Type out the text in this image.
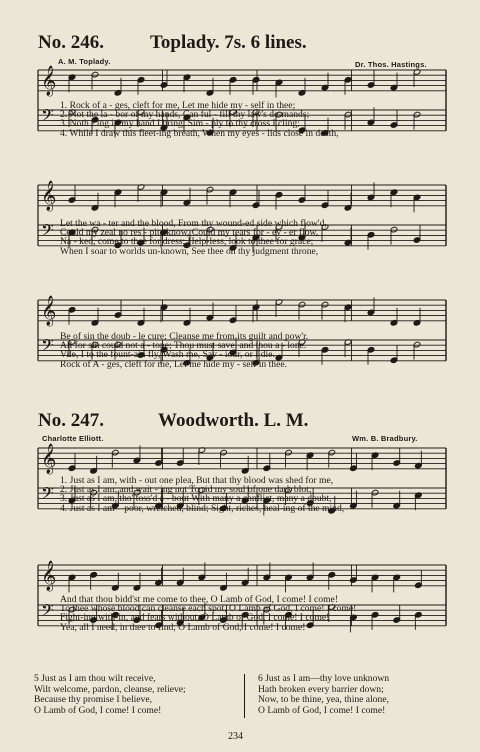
No. 246. Toplady. 7s. 6 lines.
A. M. Toplady.	Dr. Thos. Hastings.
No. 247.	Woodworth. L. M.
Charlotte Elliott.	Wm. B. Bradbury.
𝄞
𝄢
𝄞
𝄢
𝄞
𝄢
𝄞
𝄢
𝄞
𝄢
1. Rock of a - ges, cleft for me, Let me hide my - self in thee;
2. Not the la - bor of my hands, Can ful - fill thy law's de-mands;
3. Noth - ing in my hand I bring, Sim - ply to thy cross I cling;
4. While I draw this fleet-ing breath, When my eyes - lids close in death,
Let the wa - ter and the blood, From thy wound-ed side which flow'd,
Could my zeal no res - pite know, Could my tears for - ev - er flow,
Na - ked, come to thee for dress; Help-less, look to thee for grace;
When I soar to worlds un-known, See thee on thy judgment throne,
Be of sin the doub - le cure; Cleanse me from its guilt and pow'r.
All for sin could not a - tone; Thou must save, and thou a - lone.
Vile, I to the fount-ain fly, Wash me, Sav - iour, or I die.
Rock of A - ges, cleft for me, Let me hide my - self in thee.
1. Just as I am, with - out one plea, But that thy blood was shed for me,
2. Just as I am, and wait - ing not To rid my soul of one dark blot,
3. Just as I am, tho' toss'd a - bout With many a conflict, many a doubt,
4. Just as I am—poor, wretched, blind; Sight, riches, heal-ing of the mind,
And that thou bidd'st me come to thee, O Lamb of God, I come! I come!
To thee whose blood can cleanse each spot, O Lamb of God, I come! I come!
Fight-ing with-in, and fears without, O Lamb of God, I come! I come!
Yea, all I need, in thee to find, O Lamb of God, I come! I come!
5 Just as I am thou wilt receive,
Wilt welcome, pardon, cleanse, relieve;
Because thy promise I believe,
O Lamb of God, I come! I come!
6 Just as I am—thy love unknown
Hath broken every barrier down;
Now, to be thine, yea, thine alone,
O Lamb of God, I come! I come!
234
